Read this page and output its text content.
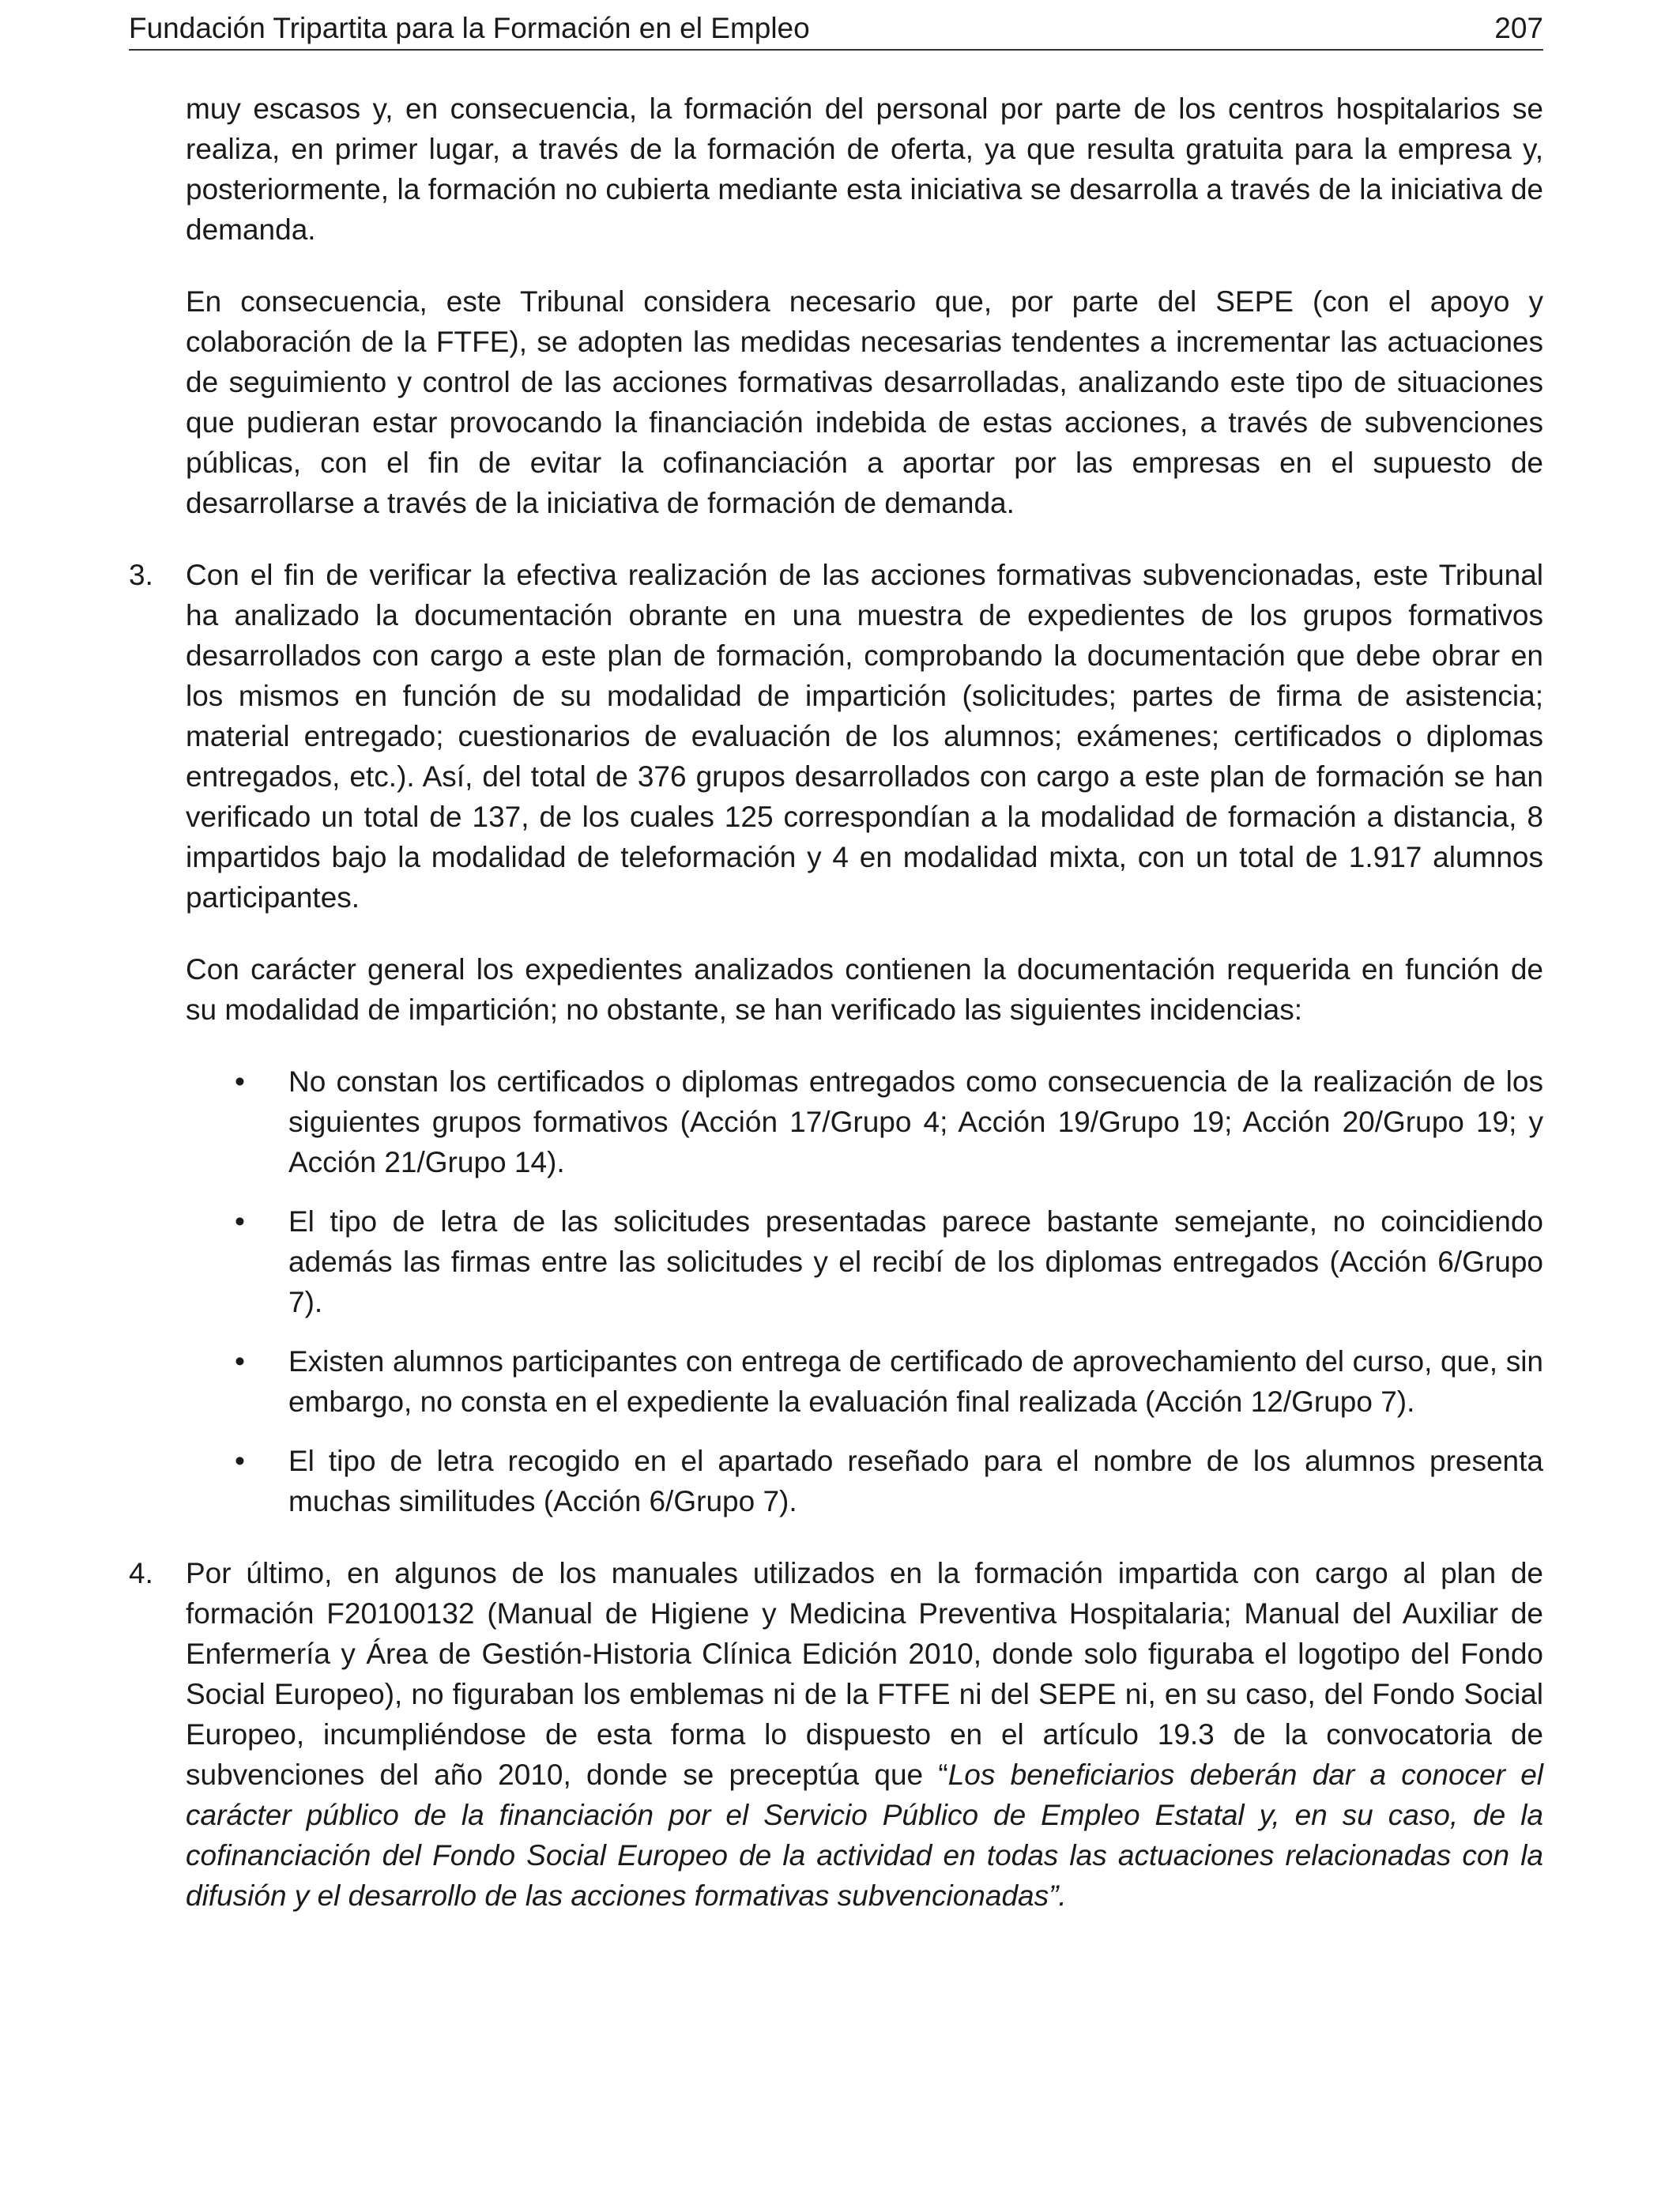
Fundación Tripartita para la Formación en el Empleo	207

muy escasos y, en consecuencia, la formación del personal por parte de los centros hospitalarios se realiza, en primer lugar, a través de la formación de oferta, ya que resulta gratuita para la empresa y, posteriormente, la formación no cubierta mediante esta iniciativa se desarrolla a través de la iniciativa de demanda.

En consecuencia, este Tribunal considera necesario que, por parte del SEPE (con el apoyo y colaboración de la FTFE), se adopten las medidas necesarias tendentes a incrementar las actuaciones de seguimiento y control de las acciones formativas desarrolladas, analizando este tipo de situaciones que pudieran estar provocando la financiación indebida de estas acciones, a través de subvenciones públicas, con el fin de evitar la cofinanciación a aportar por las empresas en el supuesto de desarrollarse a través de la iniciativa de formación de demanda.

3.	Con el fin de verificar la efectiva realización de las acciones formativas subvencionadas, este Tribunal ha analizado la documentación obrante en una muestra de expedientes de los grupos formativos desarrollados con cargo a este plan de formación, comprobando la documentación que debe obrar en los mismos en función de su modalidad de impartición (solicitudes; partes de firma de asistencia; material entregado; cuestionarios de evaluación de los alumnos; exámenes; certificados o diplomas entregados, etc.). Así, del total de 376 grupos desarrollados con cargo a este plan de formación se han verificado un total de 137, de los cuales 125 correspondían a la modalidad de formación a distancia, 8 impartidos bajo la modalidad de teleformación y 4 en modalidad mixta, con un total de 1.917 alumnos participantes.
Con carácter general los expedientes analizados contienen la documentación requerida en función de su modalidad de impartición; no obstante, se han verificado las siguientes incidencias:
•	No constan los certificados o diplomas entregados como consecuencia de la realización de los siguientes grupos formativos (Acción 17/Grupo 4; Acción 19/Grupo 19; Acción 20/Grupo 19; y Acción 21/Grupo 14).
•	El tipo de letra de las solicitudes presentadas parece bastante semejante, no coincidiendo además las firmas entre las solicitudes y el recibí de los diplomas entregados (Acción 6/Grupo 7).
•	Existen alumnos participantes con entrega de certificado de aprovechamiento del curso, que, sin embargo, no consta en el expediente la evaluación final realizada (Acción 12/Grupo 7).
•	El tipo de letra recogido en el apartado reseñado para el nombre de los alumnos presenta muchas similitudes (Acción 6/Grupo 7).
4.	Por último, en algunos de los manuales utilizados en la formación impartida con cargo al plan de formación F20100132 (Manual de Higiene y Medicina Preventiva Hospitalaria; Manual del Auxiliar de Enfermería y Área de Gestión-Historia Clínica Edición 2010, donde solo figuraba el logotipo del Fondo Social Europeo), no figuraban los emblemas ni de la FTFE ni del SEPE ni, en su caso, del Fondo Social Europeo, incumpliéndose de esta forma lo dispuesto en el artículo 19.3 de la convocatoria de subvenciones del año 2010, donde se preceptúa que “Los beneficiarios deberán dar a conocer el carácter público de la financiación por el Servicio Público de Empleo Estatal y, en su caso, de la cofinanciación del Fondo Social Europeo de la actividad en todas las actuaciones relacionadas con la difusión y el desarrollo de las acciones formativas subvencionadas”.
